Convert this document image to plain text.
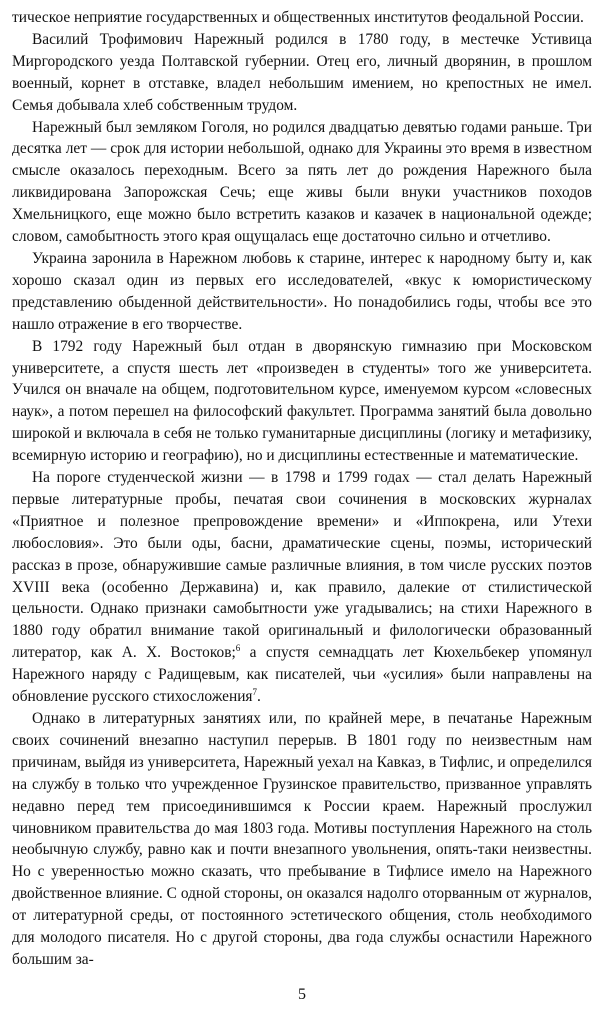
тическое неприятие государственных и общественных институтов феодальной России.

Василий Трофимович Нарежный родился в 1780 году, в местечке Устивица Миргородского уезда Полтавской губернии. Отец его, личный дворянин, в прошлом военный, корнет в отставке, владел небольшим имением, но крепостных не имел. Семья добывала хлеб собственным трудом.

Нарежный был земляком Гоголя, но родился двадцатью девятью годами раньше. Три десятка лет — срок для истории небольшой, однако для Украины это время в известном смысле оказалось переходным. Всего за пять лет до рождения Нарежного была ликвидирована Запорожская Сечь; еще живы были внуки участников походов Хмельницкого, еще можно было встретить казаков и казачек в национальной одежде; словом, самобытность этого края ощущалась еще достаточно сильно и отчетливо.

Украина заронила в Нарежном любовь к старине, интерес к народному быту и, как хорошо сказал один из первых его исследователей, «вкус к юмористическому представлению обыденной действительности». Но понадобились годы, чтобы все это нашло отражение в его творчестве.

В 1792 году Нарежный был отдан в дворянскую гимназию при Московском университете, а спустя шесть лет «произведен в студенты» того же университета. Учился он вначале на общем, подготовительном курсе, именуемом курсом «словесных наук», а потом перешел на философский факультет. Программа занятий была довольно широкой и включала в себя не только гуманитарные дисциплины (логику и метафизику, всемирную историю и географию), но и дисциплины естественные и математические.

На пороге студенческой жизни — в 1798 и 1799 годах — стал делать Нарежный первые литературные пробы, печатая свои сочинения в московских журналах «Приятное и полезное препровождение времени» и «Иппокрена, или Утехи любословия». Это были оды, басни, драматические сцены, поэмы, исторический рассказ в прозе, обнаружившие самые различные влияния, в том числе русских поэтов XVIII века (особенно Державина) и, как правило, далекие от стилистической цельности. Однако признаки самобытности уже угадывались; на стихи Нарежного в 1880 году обратил внимание такой оригинальный и филологически образованный литератор, как А. Х. Востоков;$^6$ а спустя семнадцать лет Кюхельбекер упомянул Нарежного наряду с Радищевым, как писателей, чьи «усилия» были направлены на обновление русского стихосложения$^7$.

Однако в литературных занятиях или, по крайней мере, в печатанье Нарежным своих сочинений внезапно наступил перерыв. В 1801 году по неизвестным нам причинам, выйдя из университета, Нарежный уехал на Кавказ, в Тифлис, и определился на службу в только что учрежденное Грузинское правительство, призванное управлять недавно перед тем присоединившимся к России краем. Нарежный прослужил чиновником правительства до мая 1803 года. Мотивы поступления Нарежного на столь необычную службу, равно как и почти внезапного увольнения, опять-таки неизвестны. Но с уверенностью можно сказать, что пребывание в Тифлисе имело на Нарежного двойственное влияние. С одной стороны, он оказался надолго оторванным от журналов, от литературной среды, от постоянного эстетического общения, столь необходимого для молодого писателя. Но с другой стороны, два года службы оснастили Нарежного большим за-

5
